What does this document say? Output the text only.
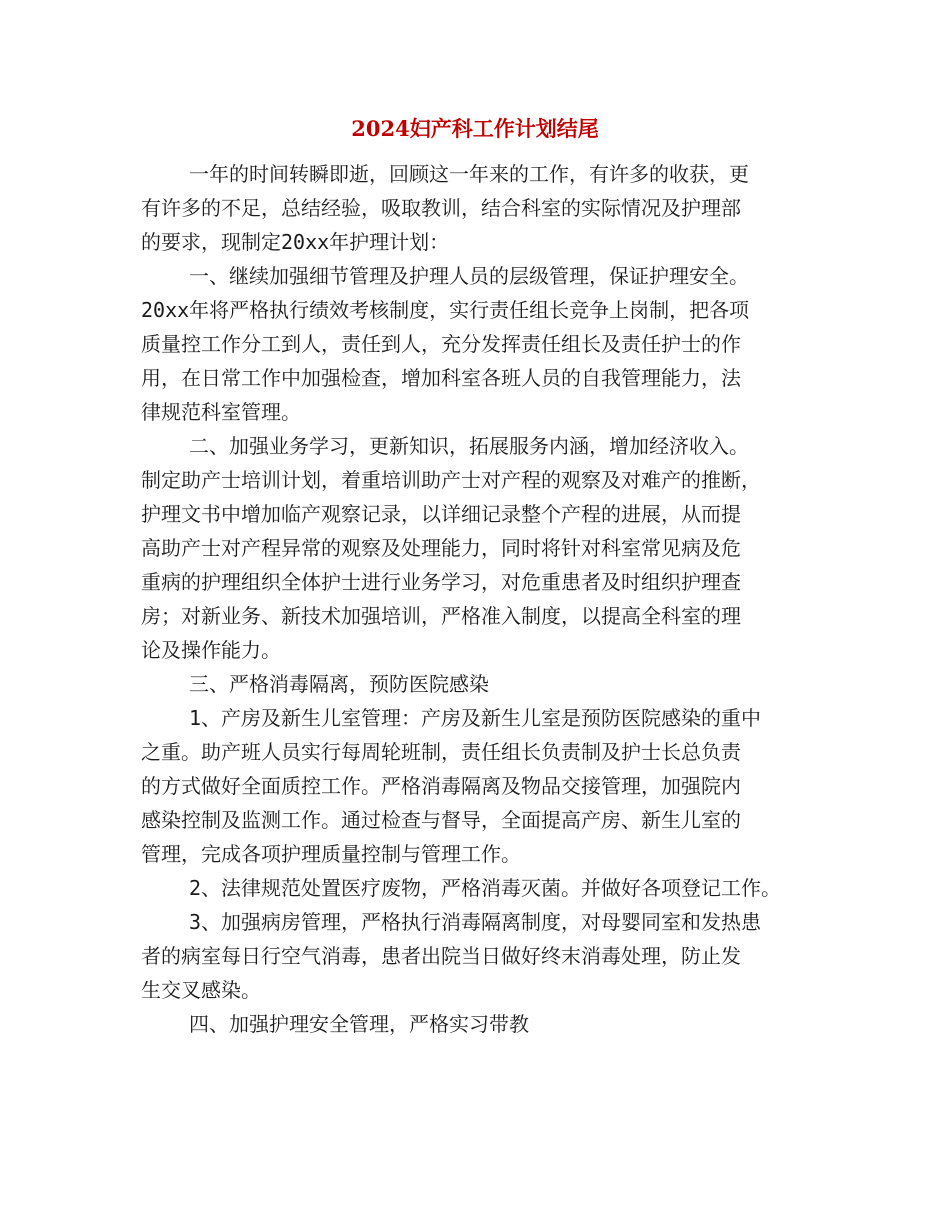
2024妇产科工作计划结尾
一年的时间转瞬即逝，回顾这一年来的工作，有许多的收获，更
有许多的不足，总结经验，吸取教训，结合科室的实际情况及护理部
的要求，现制定20xx年护理计划：
一、继续加强细节管理及护理人员的层级管理，保证护理安全。
20xx年将严格执行绩效考核制度，实行责任组长竞争上岗制，把各项
质量控工作分工到人，责任到人，充分发挥责任组长及责任护士的作
用，在日常工作中加强检查，增加科室各班人员的自我管理能力，法
律规范科室管理。
二、加强业务学习，更新知识，拓展服务内涵，增加经济收入。
制定助产士培训计划，着重培训助产士对产程的观察及对难产的推断，
护理文书中增加临产观察记录，以详细记录整个产程的进展，从而提
高助产士对产程异常的观察及处理能力，同时将针对科室常见病及危
重病的护理组织全体护士进行业务学习，对危重患者及时组织护理查
房；对新业务、新技术加强培训，严格准入制度，以提高全科室的理
论及操作能力。
三、严格消毒隔离，预防医院感染
1、产房及新生儿室管理：产房及新生儿室是预防医院感染的重中
之重。助产班人员实行每周轮班制，责任组长负责制及护士长总负责
的方式做好全面质控工作。严格消毒隔离及物品交接管理，加强院内
感染控制及监测工作。通过检查与督导，全面提高产房、新生儿室的
管理，完成各项护理质量控制与管理工作。
2、法律规范处置医疗废物，严格消毒灭菌。并做好各项登记工作。
3、加强病房管理，严格执行消毒隔离制度，对母婴同室和发热患
者的病室每日行空气消毒，患者出院当日做好终末消毒处理，防止发
生交叉感染。
四、加强护理安全管理，严格实习带教
